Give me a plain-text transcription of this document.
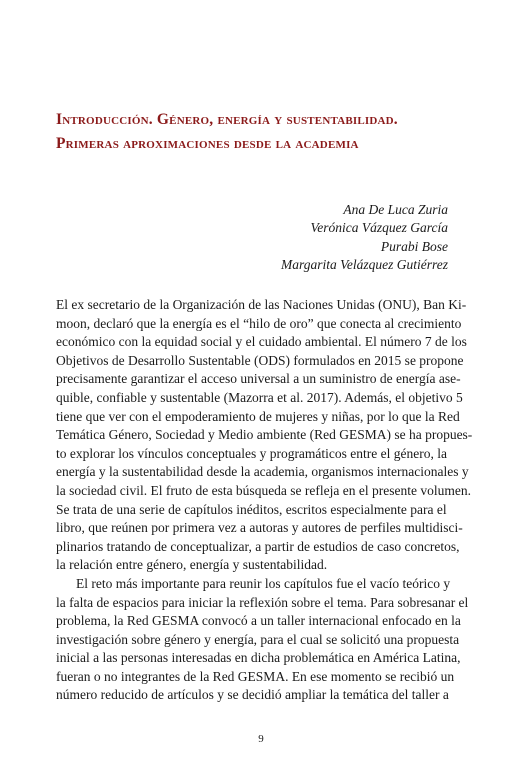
Introducción. Género, energía y sustentabilidad.
Primeras aproximaciones desde la academia
Ana De Luca Zuria
Verónica Vázquez García
Purabi Bose
Margarita Velázquez Gutiérrez
El ex secretario de la Organización de las Naciones Unidas (ONU), Ban Ki-
moon, declaró que la energía es el “hilo de oro” que conecta al crecimiento
económico con la equidad social y el cuidado ambiental. El número 7 de los
Objetivos de Desarrollo Sustentable (ODS) formulados en 2015 se propone
precisamente garantizar el acceso universal a un suministro de energía ase-
quible, confiable y sustentable (Mazorra et al. 2017). Además, el objetivo 5
tiene que ver con el empoderamiento de mujeres y niñas, por lo que la Red
Temática Género, Sociedad y Medio ambiente (Red GESMA) se ha propues-
to explorar los vínculos conceptuales y programáticos entre el género, la
energía y la sustentabilidad desde la academia, organismos internacionales y
la sociedad civil. El fruto de esta búsqueda se refleja en el presente volumen.
Se trata de una serie de capítulos inéditos, escritos especialmente para el
libro, que reúnen por primera vez a autoras y autores de perfiles multidisci-
plinarios tratando de conceptualizar, a partir de estudios de caso concretos,
la relación entre género, energía y sustentabilidad.
El reto más importante para reunir los capítulos fue el vacío teórico y
la falta de espacios para iniciar la reflexión sobre el tema. Para sobresanar el
problema, la Red GESMA convocó a un taller internacional enfocado en la
investigación sobre género y energía, para el cual se solicitó una propuesta
inicial a las personas interesadas en dicha problemática en América Latina,
fueran o no integrantes de la Red GESMA. En ese momento se recibió un
número reducido de artículos y se decidió ampliar la temática del taller a
9
